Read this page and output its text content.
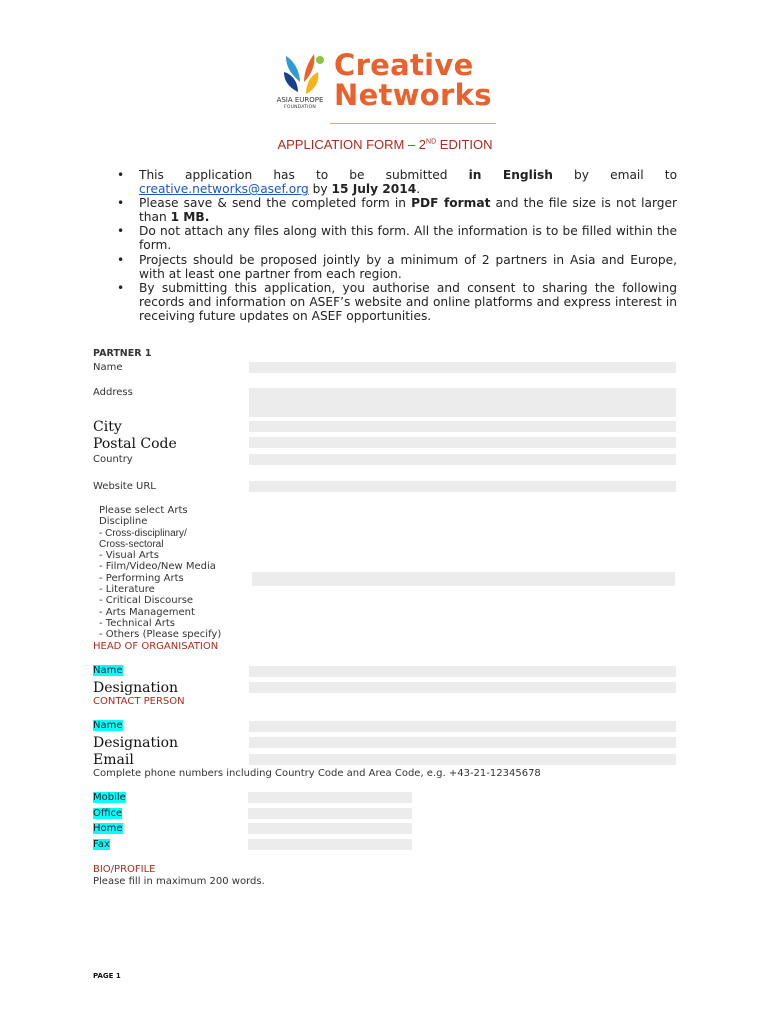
ASIA EUROPE
FOUNDATION
Creative
Networks
APPLICATION FORM – 2ND EDITION
• This application has to be submitted in English by email to creative.networks@asef.org by 15 July 2014.
• Please save & send the completed form in PDF format and the file size is not larger than 1 MB.
• Do not attach any files along with this form. All the information is to be filled within the form.
• Projects should be proposed jointly by a minimum of 2 partners in Asia and Europe, with at least one partner from each region.
• By submitting this application, you authorise and consent to sharing the following records and information on ASEF’s website and online platforms and express interest in receiving future updates on ASEF opportunities.
PARTNER 1
Name
Address
City
Postal Code
Country
Website URL
Please select Arts
Discipline
- Cross-disciplinary/
Cross-sectoral
- Visual Arts
- Film/Video/New Media
- Performing Arts
- Literature
- Critical Discourse
- Arts Management
- Technical Arts
- Others (Please specify)
HEAD OF ORGANISATION
Name
Designation
CONTACT PERSON
Name
Designation
Email
Complete phone numbers including Country Code and Area Code, e.g. +43-21-12345678
Mobile
Office
Home
Fax
BIO/PROFILE
Please fill in maximum 200 words.
PAGE 1
